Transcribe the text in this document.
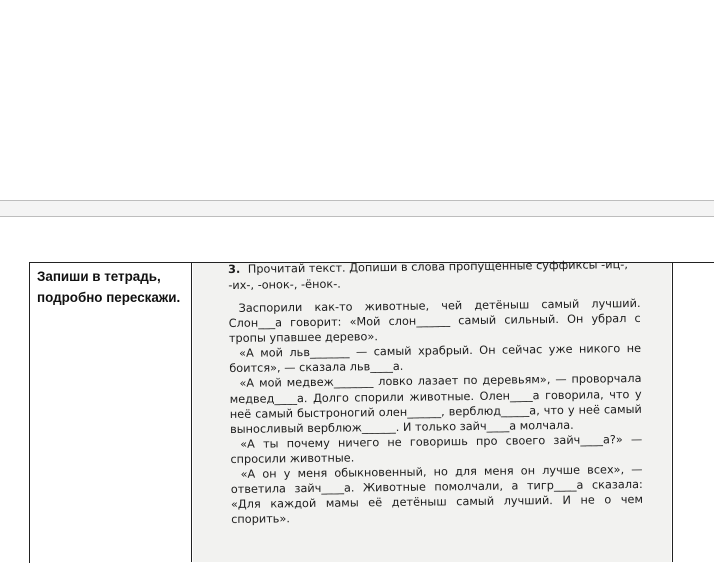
Запиши в тетрадь, подробно перескажи.
3. Прочитай текст. Допиши в слова пропущенные суффиксы -иц-, -их-, -онок-, -ёнок-.

Заспорили как-то животные, чей детёныш самый лучший. Слон___а говорит: «Мой слон______ самый сильный. Он убрал с тропы упавшее дерево».

«А мой льв_______ — самый храбрый. Он сейчас уже никого не боится», — сказала льв____а.

«А мой медвеж_______ ловко лазает по деревьям», — проворчала медвед____а. Долго спорили животные. Олен____а говорила, что у неё самый быстроногий олен______, верблюд_____а, что у неё самый выносливый верблюж______. И только зайч____а молчала.

«А ты почему ничего не говоришь про своего зайч____а?» — спросили животные.

«А он у меня обыкновенный, но для меня он лучше всех», — ответила зайч____а. Животные помолчали, а тигр____а сказала: «Для каждой мамы её детёныш самый лучший. И не о чем спорить».
